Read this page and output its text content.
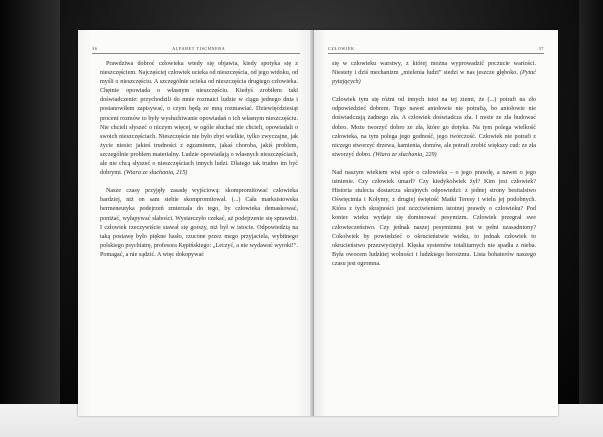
36	ALFABET TISCHNERA

Prawdziwa dobroć człowieka wtedy się objawia, kiedy spotyka się z nieszczęściem. Najczęściej człowiek ucieka od nieszczęścia, od jego widoku, od myśli o nieszczęściu. A szczególnie ucieka od nieszczęścia drugiego człowieka. Chętnie opowiada o własnym nieszczęściu. Kiedyś zrobiłem taki doświadczenie: przychodzili do mnie rozmaici ludzie w ciągu jednego dnia i postanowiłem zapisywać, o czym będą ze mną rozmawiać. Dziewięćdziesiąt procent rozmów to były wysłuchiwanie opowiadań o ich własnym nieszczęściu. Nie chcieli słyszeć o niczym więcej, w ogóle słuchać nie chcieli, opowiadali o swoich nieszczęściach. Nieszczęście nie było zbyt wielkie, tylko zwyczajne, jak życie niesie: jakieś trudności z egzaminem, jakaś choroba, jakiś problem, szczególnie problem materialny. Ludzie opowiadają o własnych nieszczęściach, ale nie chcą słyszeć o nieszczęściach innych ludzi. Dlatego tak trudno im być dobrymi. (Wiara ze słuchania, 215)

Nasze czasy przyjęły zasadę wyjściową: skompromitować człowieka bardziej, niż on sam siebie skompromitował. (...) Cała marksistowska hermeneutyka podejrzeń zmierzała do tego, by człowieka demaskować, poniżać, wyłapywać słabości. Wystarczyło czekać, aż podejrzenie się sprawdzi. I człowiek rzeczywiście stawał się gorszy, niż był w istocie. Odpowiedzią na taką postawę było piękne hasło, rzucone przez mego przyjaciela, wybitnego polskiego psychiatrę, profesora Kępińskiego: „Leczyć, a nie wydawać wyroki!”. Pomagać, a nie sądzić. A więc dokopywać

CZŁOWIEK	37

się w człowieku warstwy, z której można wyprowadzić poczucie wartości. Niestety i dziś mechanizm „mielenia ludzi” siedzi w nas jeszcze głęboko. (Pytać pytających)

Człowiek tym się różni od innych istot na tej ziemi, że (...) potrafi na zło odpowiedzieć dobrem. Tego nawet aniołowie nie potrafią, bo aniołowie nie doświadczają żadnego zła. A człowiek doświadcza zła. I może ze zła budować dobro. Może tworzyć dobro ze zła, które go dotyka. Na tym polega wielkość człowieka, na tym polega jego godność, jego twórczość. Człowiek nie potrafi z niczego stworzyć drzewa, kamienia, domów, ale potrafi zrobić większy cud: ze zła stworzyć dobro. (Wiara ze słuchania, 229)

Nad naszym wiekiem wisi spór o człowieka – o jego prawdę, a nawet o jego istnienie. Czy człowiek umarł? Czy kiedykolwiek żył? Kim jest człowiek? Historia stulecia dostarcza skrajnych odpowiedzi: z jednej strony bestialstwo Oświęcimia i Kołymy, z drugiej świętość Matki Teresy i wielu jej podobnych. Która z tych skrajności jest uczciwieniem istotnej prawdy o człowieku? Pod koniec wieku wydaje się dominować pesymizm. Człowiek przegrał swe człowieczeństwo. Czy jednak naszej pesymizmu jest w pełni uzasadniony? Cokolwiek by powiedzieć o okrucieństwie wieku, to jednak człowiek to okrucieństwo przezwyciężył. Klęska systemów totalitarnych nie spadła z nieba. Była owocem ludzkiej wolności i ludzkiego heroizmu. Lista bohaterów naszego czasu jest ogromna.
